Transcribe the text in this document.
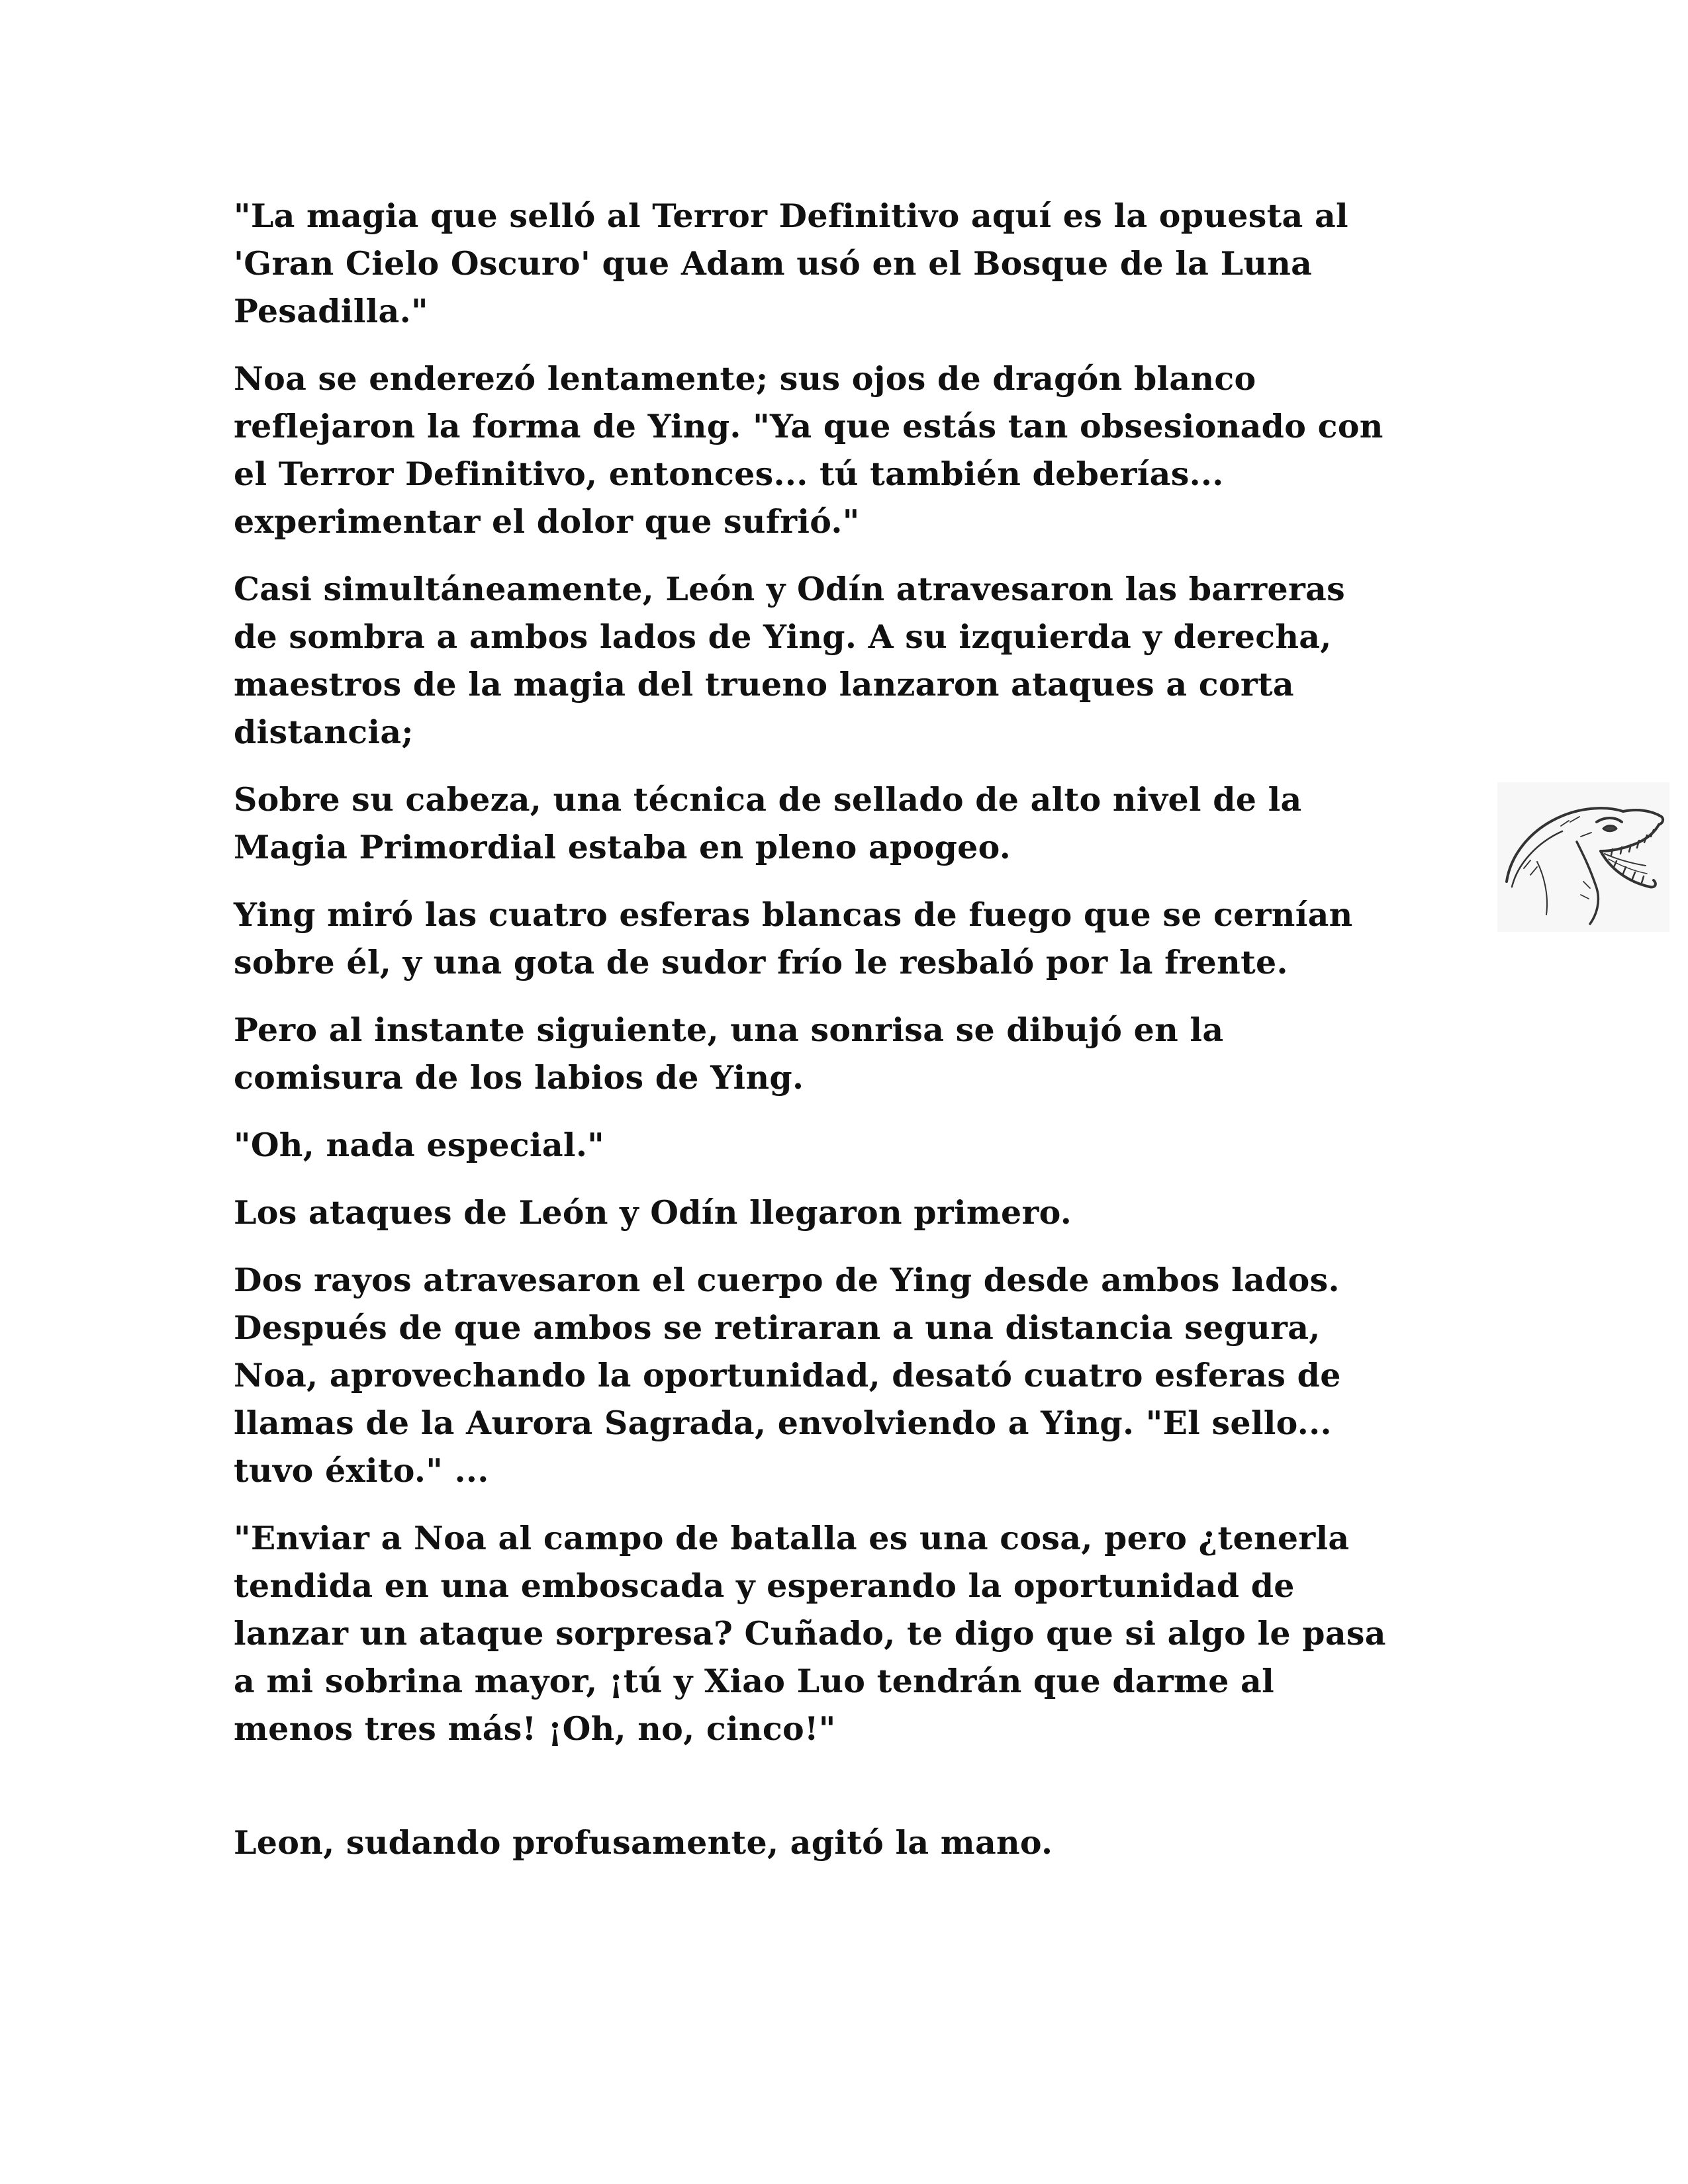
"La magia que selló al Terror Definitivo aquí es la opuesta al
'Gran Cielo Oscuro' que Adam usó en el Bosque de la Luna
Pesadilla."

Noa se enderezó lentamente; sus ojos de dragón blanco
reflejaron la forma de Ying. "Ya que estás tan obsesionado con
el Terror Definitivo, entonces... tú también deberías...
experimentar el dolor que sufrió."

Casi simultáneamente, León y Odín atravesaron las barreras
de sombra a ambos lados de Ying. A su izquierda y derecha,
maestros de la magia del trueno lanzaron ataques a corta
distancia;

Sobre su cabeza, una técnica de sellado de alto nivel de la
Magia Primordial estaba en pleno apogeo.

Ying miró las cuatro esferas blancas de fuego que se cernían
sobre él, y una gota de sudor frío le resbaló por la frente.

Pero al instante siguiente, una sonrisa se dibujó en la
comisura de los labios de Ying.

"Oh, nada especial."

Los ataques de León y Odín llegaron primero.

Dos rayos atravesaron el cuerpo de Ying desde ambos lados.
Después de que ambos se retiraran a una distancia segura,
Noa, aprovechando la oportunidad, desató cuatro esferas de
llamas de la Aurora Sagrada, envolviendo a Ying. "El sello...
tuvo éxito." ...

"Enviar a Noa al campo de batalla es una cosa, pero ¿tenerla
tendida en una emboscada y esperando la oportunidad de
lanzar un ataque sorpresa? Cuñado, te digo que si algo le pasa
a mi sobrina mayor, ¡tú y Xiao Luo tendrán que darme al
menos tres más! ¡Oh, no, cinco!"

Leon, sudando profusamente, agitó la mano.
